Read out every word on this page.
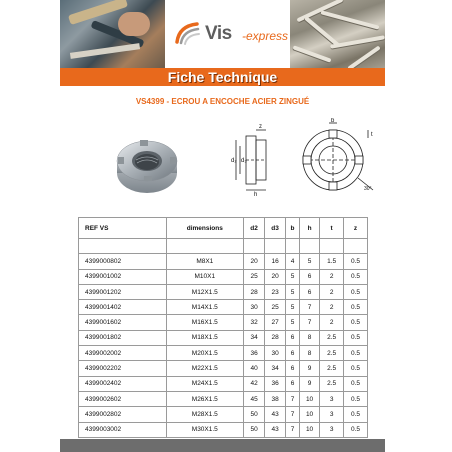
Vis -express
Fiche Technique
VS4399 - ECROU A ENCOCHE ACIER ZINGUÉ
d₂ d₃
h
z
b
t
30°
REF VS	dimensions	d2	d3	b	h	t	z

4399000802	M8X1	20	16	4	5	1.5	0.5
4399001002	M10X1	25	20	5	6	2	0.5
4399001202	M12X1.5	28	23	5	6	2	0.5
4399001402	M14X1.5	30	25	5	7	2	0.5
4399001602	M16X1.5	32	27	5	7	2	0.5
4399001802	M18X1.5	34	28	6	8	2.5	0.5
4399002002	M20X1.5	36	30	6	8	2.5	0.5
4399002202	M22X1.5	40	34	6	9	2.5	0.5
4399002402	M24X1.5	42	36	6	9	2.5	0.5
4399002602	M26X1.5	45	38	7	10	3	0.5
4399002802	M28X1.5	50	43	7	10	3	0.5
4399003002	M30X1.5	50	43	7	10	3	0.5
